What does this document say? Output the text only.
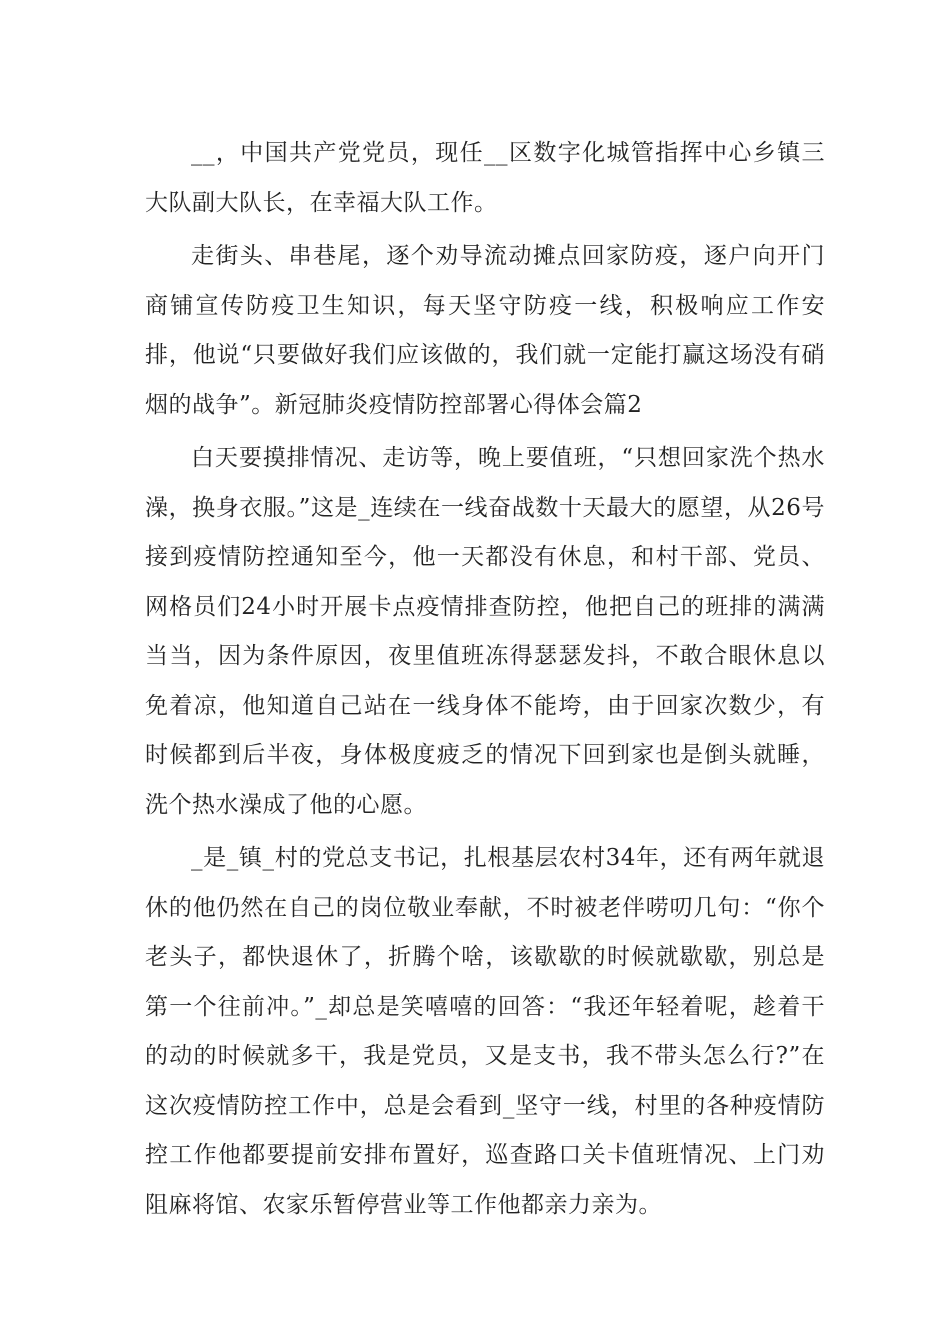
__，中国共产党党员，现任__区数字化城管指挥中心乡镇三大队副大队长，在幸福大队工作。

走街头、串巷尾，逐个劝导流动摊点回家防疫，逐户向开门商铺宣传防疫卫生知识，每天坚守防疫一线，积极响应工作安排，他说“只要做好我们应该做的，我们就一定能打赢这场没有硝烟的战争”。新冠肺炎疫情防控部署心得体会篇2

白天要摸排情况、走访等，晚上要值班，“只想回家洗个热水澡，换身衣服。”这是_连续在一线奋战数十天最大的愿望，从26号接到疫情防控通知至今，他一天都没有休息，和村干部、党员、网格员们24小时开展卡点疫情排查防控，他把自己的班排的满满当当，因为条件原因，夜里值班冻得瑟瑟发抖，不敢合眼休息以免着凉，他知道自己站在一线身体不能垮，由于回家次数少，有时候都到后半夜，身体极度疲乏的情况下回到家也是倒头就睡，洗个热水澡成了他的心愿。

_是_镇_村的党总支书记，扎根基层农村34年，还有两年就退休的他仍然在自己的岗位敬业奉献，不时被老伴唠叨几句：“你个老头子，都快退休了，折腾个啥，该歇歇的时候就歇歇，别总是第一个往前冲。”_却总是笑嘻嘻的回答：“我还年轻着呢，趁着干的动的时候就多干，我是党员，又是支书，我不带头怎么行?”在这次疫情防控工作中，总是会看到_坚守一线，村里的各种疫情防控工作他都要提前安排布置好，巡查路口关卡值班情况、上门劝阻麻将馆、农家乐暂停营业等工作他都亲力亲为。
